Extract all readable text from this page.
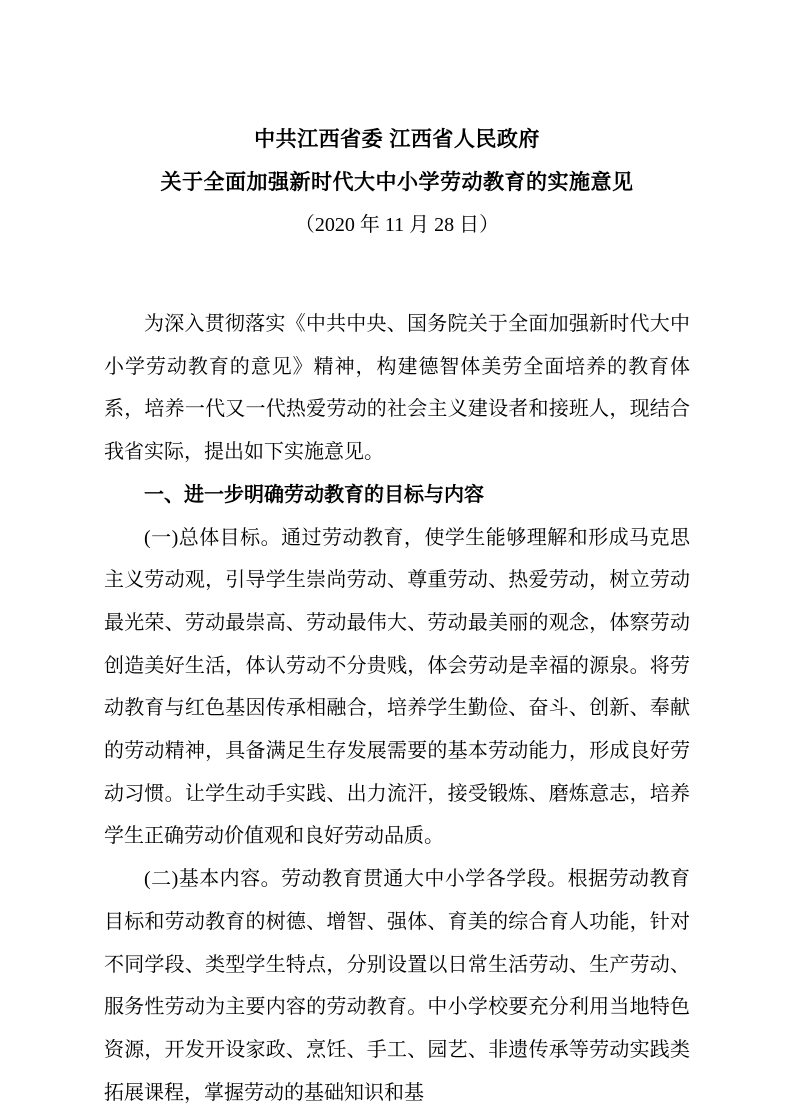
中共江西省委 江西省人民政府
关于全面加强新时代大中小学劳动教育的实施意见
（2020 年 11 月 28 日）

为深入贯彻落实《中共中央、国务院关于全面加强新时代大中小学劳动教育的意见》精神，构建德智体美劳全面培养的教育体系，培养一代又一代热爱劳动的社会主义建设者和接班人，现结合我省实际，提出如下实施意见。

一、进一步明确劳动教育的目标与内容

(一)总体目标。通过劳动教育，使学生能够理解和形成马克思主义劳动观，引导学生崇尚劳动、尊重劳动、热爱劳动，树立劳动最光荣、劳动最崇高、劳动最伟大、劳动最美丽的观念，体察劳动创造美好生活，体认劳动不分贵贱，体会劳动是幸福的源泉。将劳动教育与红色基因传承相融合，培养学生勤俭、奋斗、创新、奉献的劳动精神，具备满足生存发展需要的基本劳动能力，形成良好劳动习惯。让学生动手实践、出力流汗，接受锻炼、磨炼意志，培养学生正确劳动价值观和良好劳动品质。

(二)基本内容。劳动教育贯通大中小学各学段。根据劳动教育目标和劳动教育的树德、增智、强体、育美的综合育人功能，针对不同学段、类型学生特点，分别设置以日常生活劳动、生产劳动、服务性劳动为主要内容的劳动教育。中小学校要充分利用当地特色资源，开发开设家政、烹饪、手工、园艺、非遗传承等劳动实践类拓展课程，掌握劳动的基础知识和基
